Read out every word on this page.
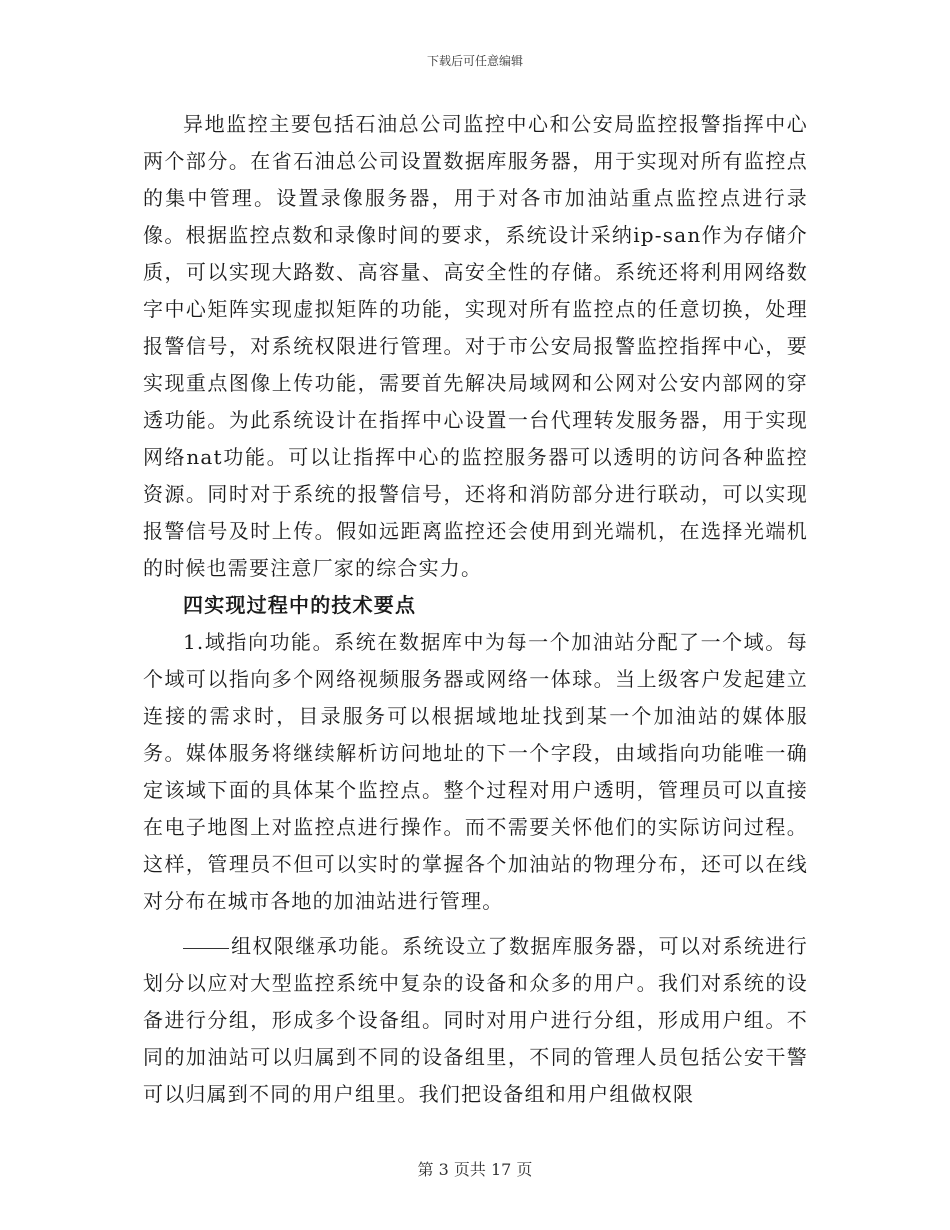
下载后可任意编辑

异地监控主要包括石油总公司监控中心和公安局监控报警指挥中心两个部分。在省石油总公司设置数据库服务器，用于实现对所有监控点的集中管理。设置录像服务器，用于对各市加油站重点监控点进行录像。根据监控点数和录像时间的要求，系统设计采纳ip-san作为存储介质，可以实现大路数、高容量、高安全性的存储。系统还将利用网络数字中心矩阵实现虚拟矩阵的功能，实现对所有监控点的任意切换，处理报警信号，对系统权限进行管理。对于市公安局报警监控指挥中心，要实现重点图像上传功能，需要首先解决局域网和公网对公安内部网的穿透功能。为此系统设计在指挥中心设置一台代理转发服务器，用于实现网络nat功能。可以让指挥中心的监控服务器可以透明的访问各种监控资源。同时对于系统的报警信号，还将和消防部分进行联动，可以实现报警信号及时上传。假如远距离监控还会使用到光端机，在选择光端机的时候也需要注意厂家的综合实力。

四实现过程中的技术要点

1.域指向功能。系统在数据库中为每一个加油站分配了一个域。每个域可以指向多个网络视频服务器或网络一体球。当上级客户发起建立连接的需求时，目录服务可以根据域地址找到某一个加油站的媒体服务。媒体服务将继续解析访问地址的下一个字段，由域指向功能唯一确定该域下面的具体某个监控点。整个过程对用户透明，管理员可以直接在电子地图上对监控点进行操作。而不需要关怀他们的实际访问过程。这样，管理员不但可以实时的掌握各个加油站的物理分布，还可以在线对分布在城市各地的加油站进行管理。

组权限继承功能。系统设立了数据库服务器，可以对系统进行划分以应对大型监控系统中复杂的设备和众多的用户。我们对系统的设备进行分组，形成多个设备组。同时对用户进行分组，形成用户组。不同的加油站可以归属到不同的设备组里，不同的管理人员包括公安干警可以归属到不同的用户组里。我们把设备组和用户组做权限

第 3 页共 17 页
